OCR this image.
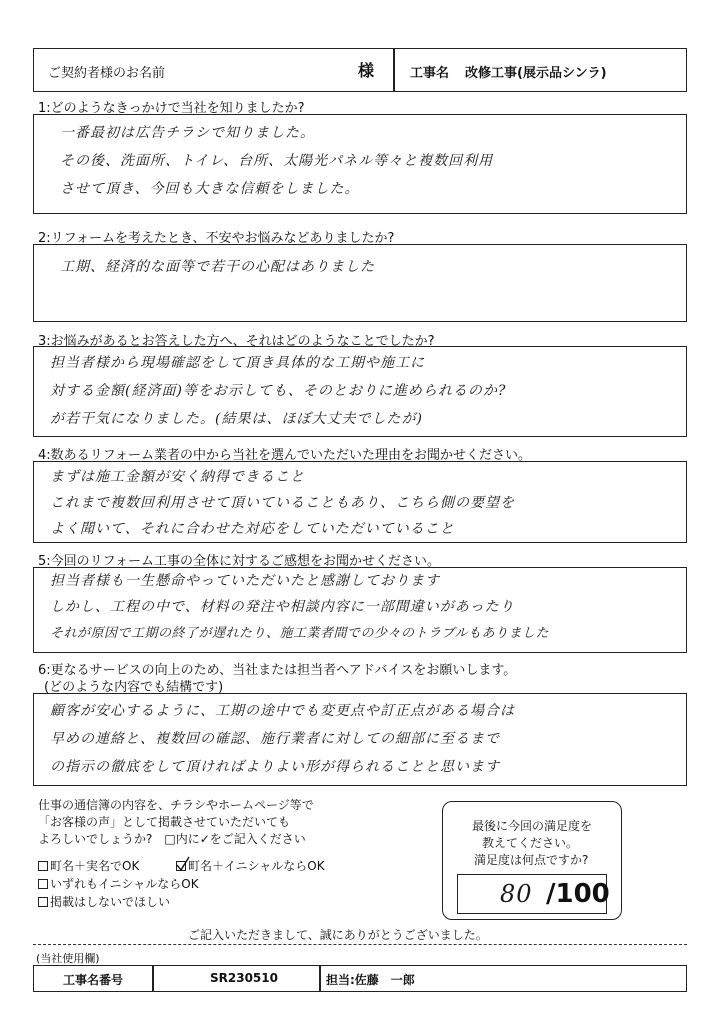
ご契約者様のお名前	様	工事名 改修工事(展示品シンラ)
1:どのようなきっかけで当社を知りましたか?
一番最初は広告チラシで知りました。
その後、洗面所、トイレ、台所、太陽光パネル等々と複数回利用
させて頂き、今回も大きな信頼をしました。
2:リフォームを考えたとき、不安やお悩みなどありましたか?
工期、経済的な面等で若干の心配はありました
3:お悩みがあるとお答えした方へ、それはどのようなことでしたか?
担当者様から現場確認をして頂き具体的な工期や施工に
対する金額(経済面)等をお示しても、そのとおりに進められるのか?
が若干気になりました。(結果は、ほぼ大丈夫でしたが)
4:数あるリフォーム業者の中から当社を選んでいただいた理由をお聞かせください。
まずは施工金額が安く納得できること
これまで複数回利用させて頂いていることもあり、こちら側の要望を
よく聞いて、それに合わせた対応をしていただいていること
5:今回のリフォーム工事の全体に対するご感想をお聞かせください。
担当者様も一生懸命やっていただいたと感謝しております
しかし、工程の中で、材料の発注や相談内容に一部間違いがあったり
それが原因で工期の終了が遅れたり、施工業者間での少々のトラブルもありました
6:更なるサービスの向上のため、当社または担当者へアドバイスをお願いします。
(どのような内容でも結構です)
顧客が安心するように、工期の途中でも変更点や訂正点がある場合は
早めの連絡と、複数回の確認、施行業者に対しての細部に至るまで
の指示の徹底をして頂ければよりよい形が得られることと思います
仕事の通信簿の内容を、チラシやホームページ等で
「お客様の声」として掲載させていただいても
よろしいでしょうか?　□内に✓をご記入ください
町名＋実名でOK	町名＋イニシャルならOK
いずれもイニシャルならOK
掲載はしないでほしい
最後に今回の満足度を
教えてください。
満足度は何点ですか?
80 /100
ご記入いただきまして、誠にありがとうございました。
(当社使用欄)
工事名番号	SR230510	担当:佐藤　一郎
